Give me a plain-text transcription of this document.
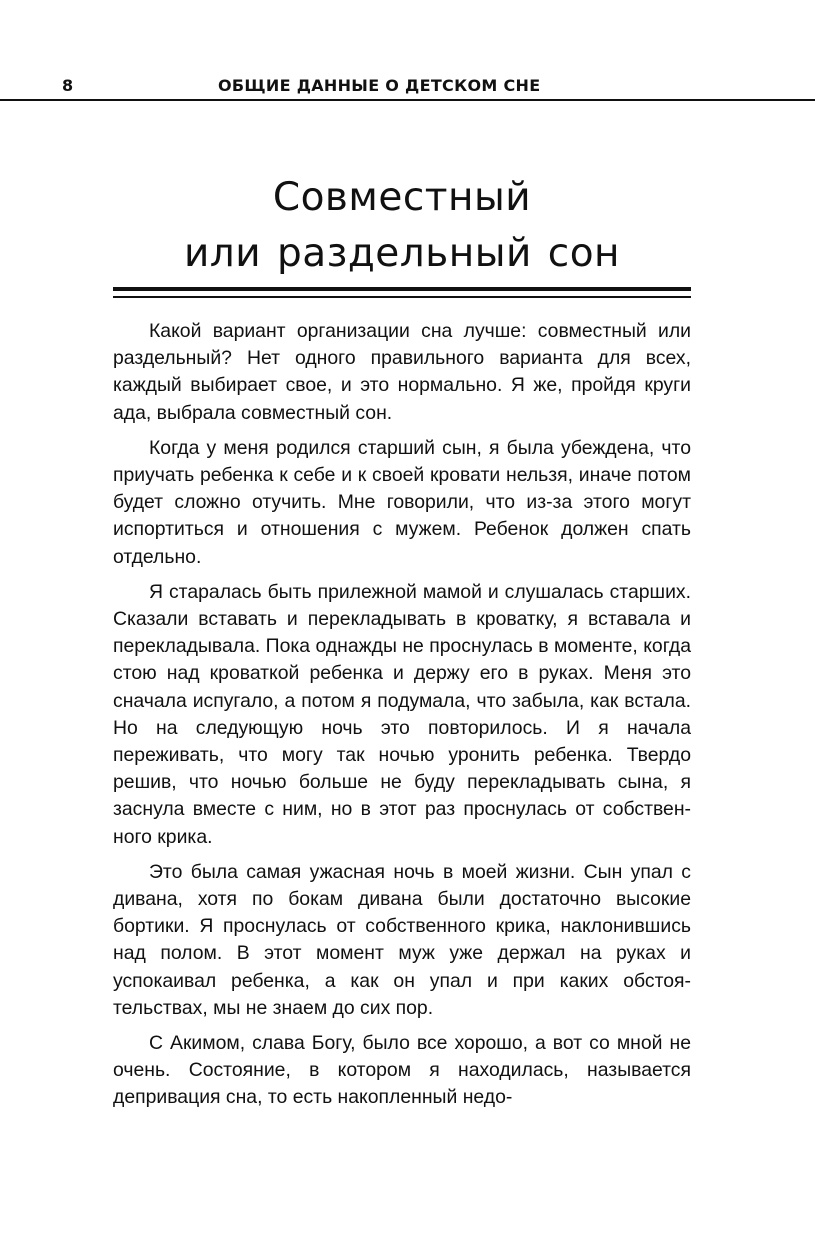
8	ОБЩИЕ ДАННЫЕ О ДЕТСКОМ СНЕ
Совместный
или раздельный сон

Какой вариант организации сна лучше: совместный или раздельный? Нет одного правильного варианта для всех, каждый выбирает свое, и это нормально. Я же, пройдя круги ада, выбрала совместный сон.

Когда у меня родился старший сын, я была убеждена, что приучать ребенка к себе и к своей кровати нельзя, иначе потом будет сложно отучить. Мне говорили, что из-за этого могут испортиться и отношения с мужем. Ребенок должен спать отдельно.

Я старалась быть прилежной мамой и слушалась старших. Сказали вставать и перекладывать в кроватку, я вставала и перекладывала. Пока однажды не проснулась в моменте, когда стою над кроваткой ребенка и держу его в руках. Меня это сначала испугало, а потом я подумала, что забыла, как встала. Но на следующую ночь это повторилось. И я начала переживать, что могу так ночью уронить ребенка. Твердо решив, что ночью больше не буду перекладывать сына, я заснула вместе с ним, но в этот раз проснулась от собственного крика.

Это была самая ужасная ночь в моей жизни. Сын упал с дивана, хотя по бокам дивана были достаточно высокие бортики. Я проснулась от собственного крика, наклонившись над полом. В этот момент муж уже держал на руках и успокаивал ребенка, а как он упал и при каких обстоятельствах, мы не знаем до сих пор.

С Акимом, слава Богу, было все хорошо, а вот со мной не очень. Состояние, в котором я находилась, называется депривация сна, то есть накопленный недо-
